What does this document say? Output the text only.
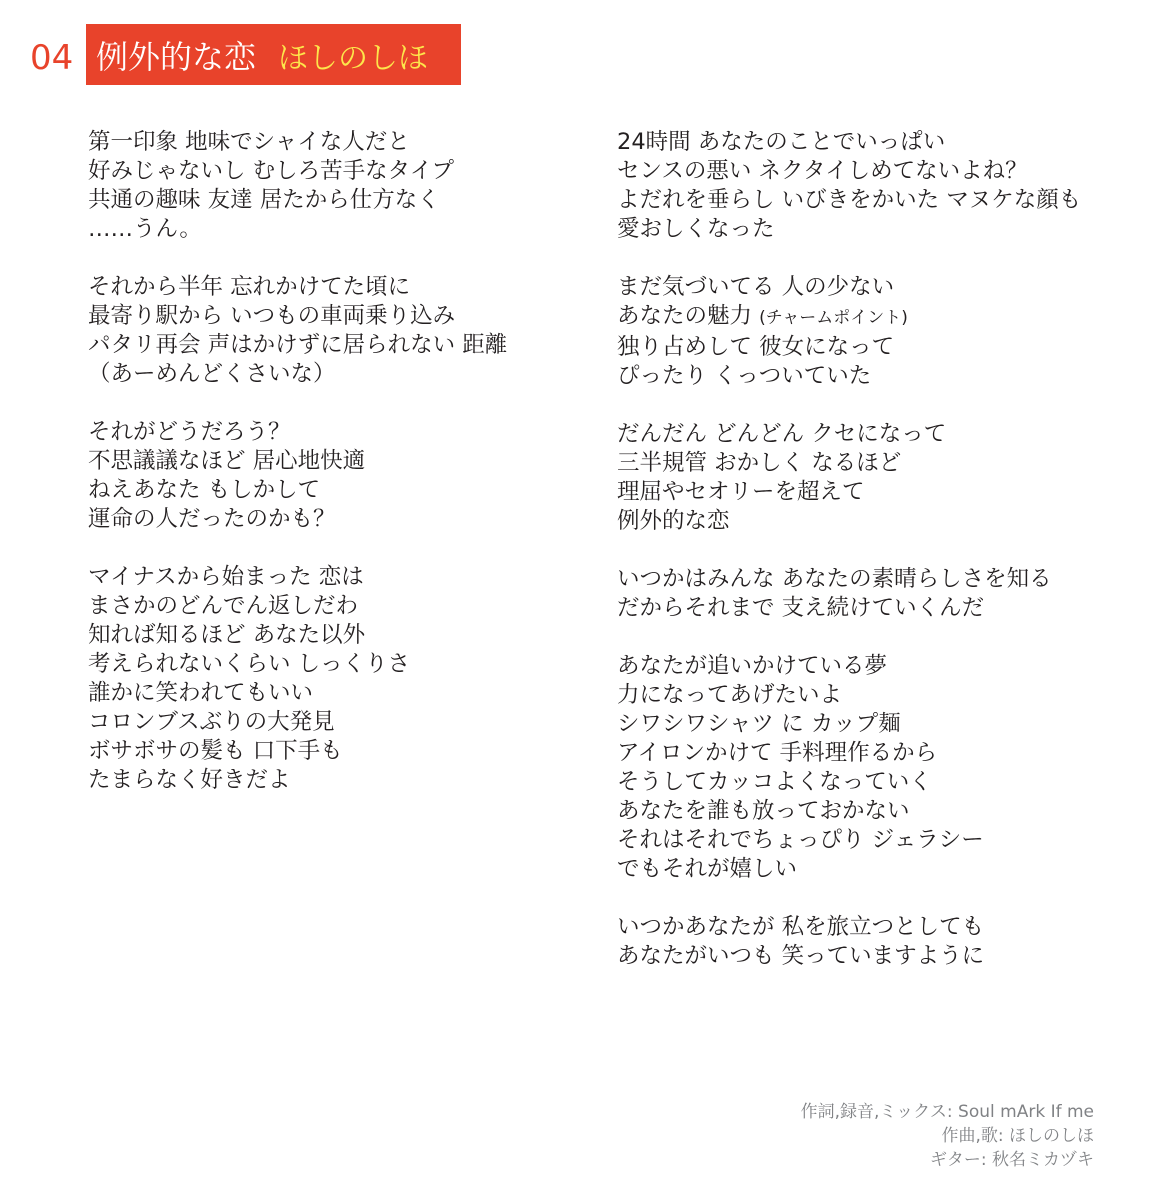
04 例外的な恋 ほしのしほ
第一印象 地味でシャイな人だと
好みじゃないし むしろ苦手なタイプ
共通の趣味 友達 居たから仕方なく
……うん。
それから半年 忘れかけてた頃に
最寄り駅から いつもの車両乗り込み
パタリ再会 声はかけずに居られない 距離
（あーめんどくさいな）
それがどうだろう？
不思議議なほど 居心地快適
ねえあなた もしかして
運命の人だったのかも？
マイナスから始まった 恋は
まさかのどんでん返しだわ
知れば知るほど あなた以外
考えられないくらい しっくりさ
誰かに笑われてもいい
コロンブスぶりの大発見
ボサボサの髪も 口下手も
たまらなく好きだよ
24時間 あなたのことでいっぱい
センスの悪い ネクタイしめてないよね？
よだれを垂らし いびきをかいた マヌケな顔も
愛おしくなった
まだ気づいてる 人の少ない
あなたの魅力 (チャームポイント)
独り占めして 彼女になって
ぴったり くっついていた
だんだん どんどん クセになって
三半規管 おかしく なるほど
理屈やセオリーを超えて
例外的な恋
いつかはみんな あなたの素晴らしさを知る
だからそれまで 支え続けていくんだ
あなたが追いかけている夢
力になってあげたいよ
シワシワシャツ に カップ麺
アイロンかけて 手料理作るから
そうしてカッコよくなっていく
あなたを誰も放っておかない
それはそれでちょっぴり ジェラシー
でもそれが嬉しい
いつかあなたが 私を旅立つとしても
あなたがいつも 笑っていますように
作詞,録音,ミックス: Soul mArk If me
作曲,歌: ほしのしほ
ギター: 秋名ミカヅキ
